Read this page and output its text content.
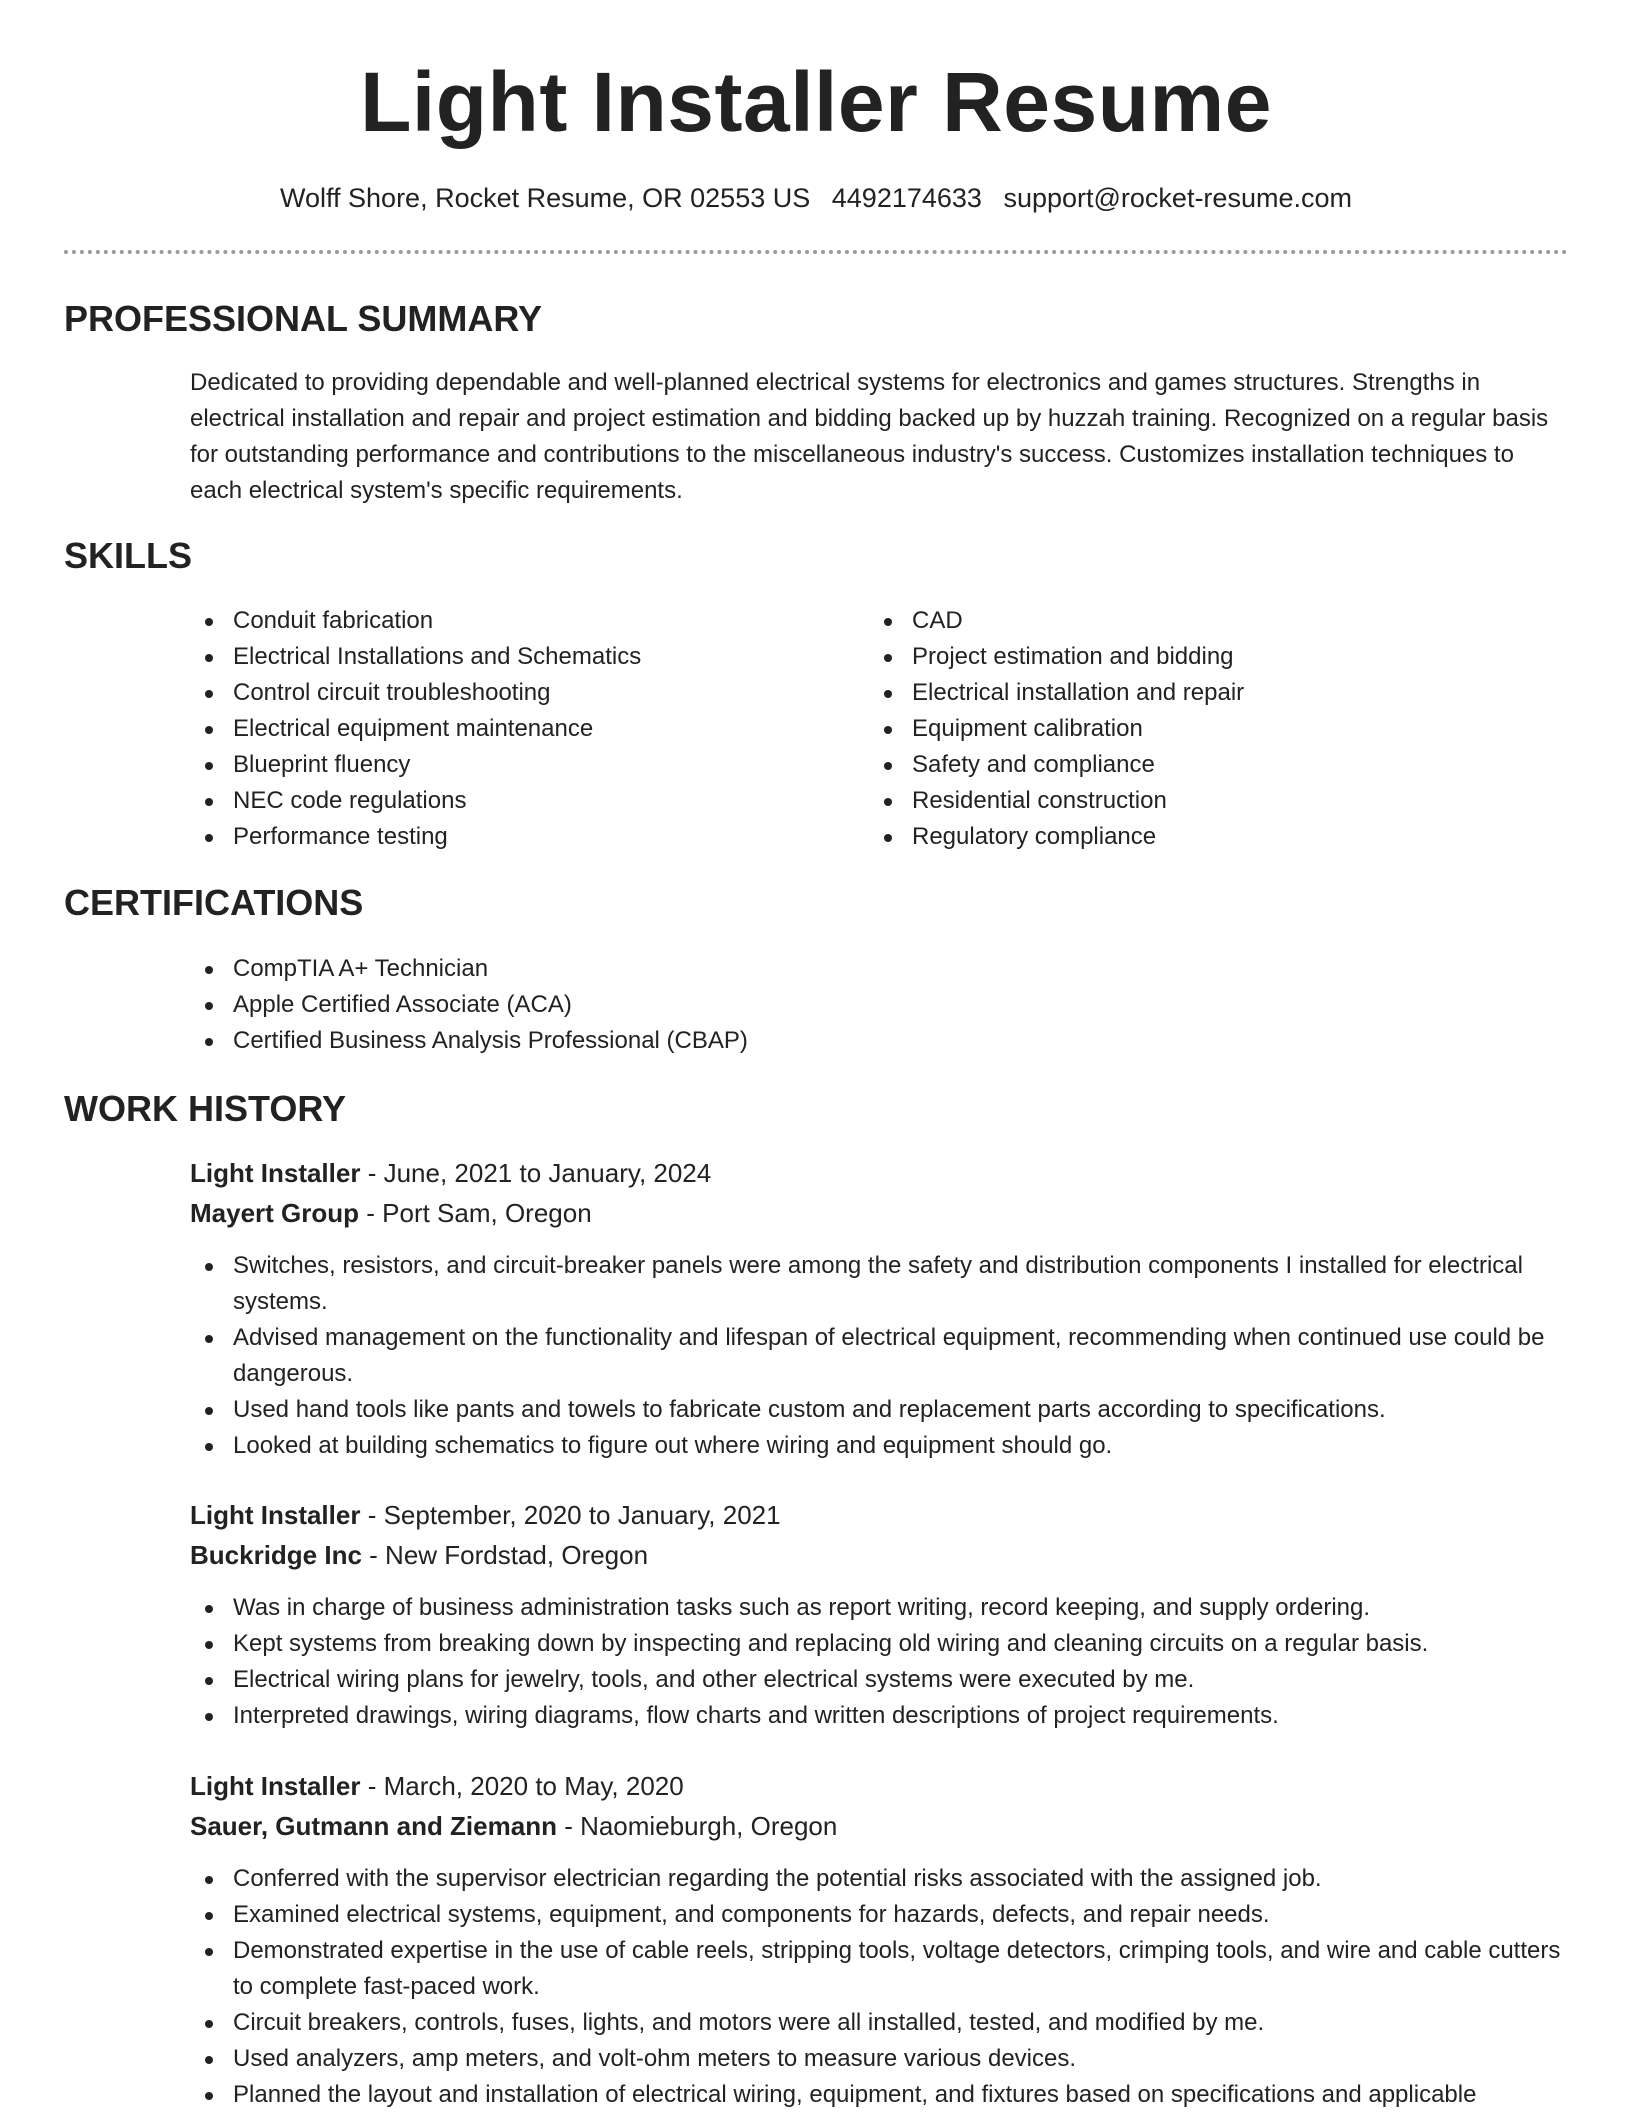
Light Installer Resume
Wolff Shore, Rocket Resume, OR 02553 US 4492174633 support@rocket-resume.com
PROFESSIONAL SUMMARY

Dedicated to providing dependable and well-planned electrical systems for electronics and games structures. Strengths in electrical installation and repair and project estimation and bidding backed up by huzzah training. Recognized on a regular basis for outstanding performance and contributions to the miscellaneous industry's success. Customizes installation techniques to each electrical system's specific requirements.

SKILLS
Conduit fabrication
Electrical Installations and Schematics
Control circuit troubleshooting
Electrical equipment maintenance
Blueprint fluency
NEC code regulations
Performance testing
CAD
Project estimation and bidding
Electrical installation and repair
Equipment calibration
Safety and compliance
Residential construction
Regulatory compliance
CERTIFICATIONS
CompTIA A+ Technician
Apple Certified Associate (ACA)
Certified Business Analysis Professional (CBAP)
WORK HISTORY
Light Installer - June, 2021 to January, 2024
Mayert Group - Port Sam, Oregon
Switches, resistors, and circuit-breaker panels were among the safety and distribution components I installed for electrical systems.
Advised management on the functionality and lifespan of electrical equipment, recommending when continued use could be dangerous.
Used hand tools like pants and towels to fabricate custom and replacement parts according to specifications.
Looked at building schematics to figure out where wiring and equipment should go.
Light Installer - September, 2020 to January, 2021
Buckridge Inc - New Fordstad, Oregon
Was in charge of business administration tasks such as report writing, record keeping, and supply ordering.
Kept systems from breaking down by inspecting and replacing old wiring and cleaning circuits on a regular basis.
Electrical wiring plans for jewelry, tools, and other electrical systems were executed by me.
Interpreted drawings, wiring diagrams, flow charts and written descriptions of project requirements.
Light Installer - March, 2020 to May, 2020
Sauer, Gutmann and Ziemann - Naomieburgh, Oregon
Conferred with the supervisor electrician regarding the potential risks associated with the assigned job.
Examined electrical systems, equipment, and components for hazards, defects, and repair needs.
Demonstrated expertise in the use of cable reels, stripping tools, voltage detectors, crimping tools, and wire and cable cutters to complete fast-paced work.
Circuit breakers, controls, fuses, lights, and motors were all installed, tested, and modified by me.
Used analyzers, amp meters, and volt-ohm meters to measure various devices.
Planned the layout and installation of electrical wiring, equipment, and fixtures based on specifications and applicable
